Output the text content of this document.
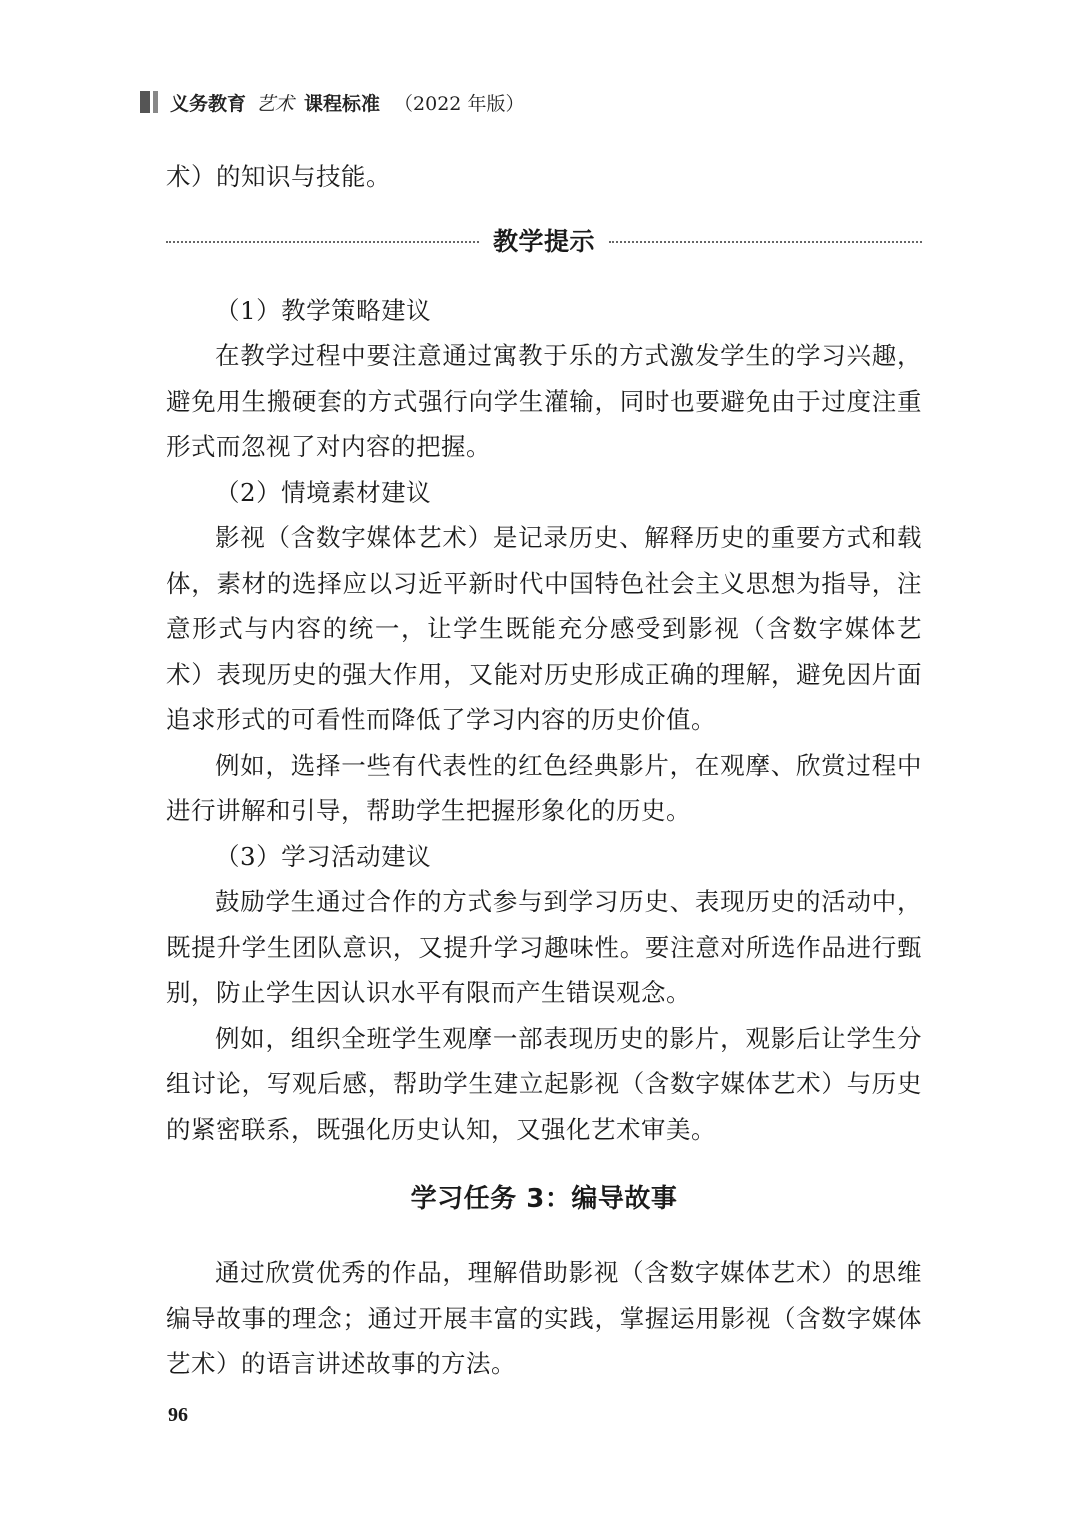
义务教育 艺术 课程标准 （2022 年版）

术）的知识与技能。

教学提示

（1）教学策略建议

在教学过程中要注意通过寓教于乐的方式激发学生的学习兴趣，避免用生搬硬套的方式强行向学生灌输，同时也要避免由于过度注重形式而忽视了对内容的把握。

（2）情境素材建议

影视（含数字媒体艺术）是记录历史、解释历史的重要方式和载体，素材的选择应以习近平新时代中国特色社会主义思想为指导，注意形式与内容的统一，让学生既能充分感受到影视（含数字媒体艺术）表现历史的强大作用，又能对历史形成正确的理解，避免因片面追求形式的可看性而降低了学习内容的历史价值。

例如，选择一些有代表性的红色经典影片，在观摩、欣赏过程中进行讲解和引导，帮助学生把握形象化的历史。

（3）学习活动建议

鼓励学生通过合作的方式参与到学习历史、表现历史的活动中，既提升学生团队意识，又提升学习趣味性。要注意对所选作品进行甄别，防止学生因认识水平有限而产生错误观念。

例如，组织全班学生观摩一部表现历史的影片，观影后让学生分组讨论，写观后感，帮助学生建立起影视（含数字媒体艺术）与历史的紧密联系，既强化历史认知，又强化艺术审美。

学习任务 3：编导故事

通过欣赏优秀的作品，理解借助影视（含数字媒体艺术）的思维编导故事的理念；通过开展丰富的实践，掌握运用影视（含数字媒体艺术）的语言讲述故事的方法。

96
